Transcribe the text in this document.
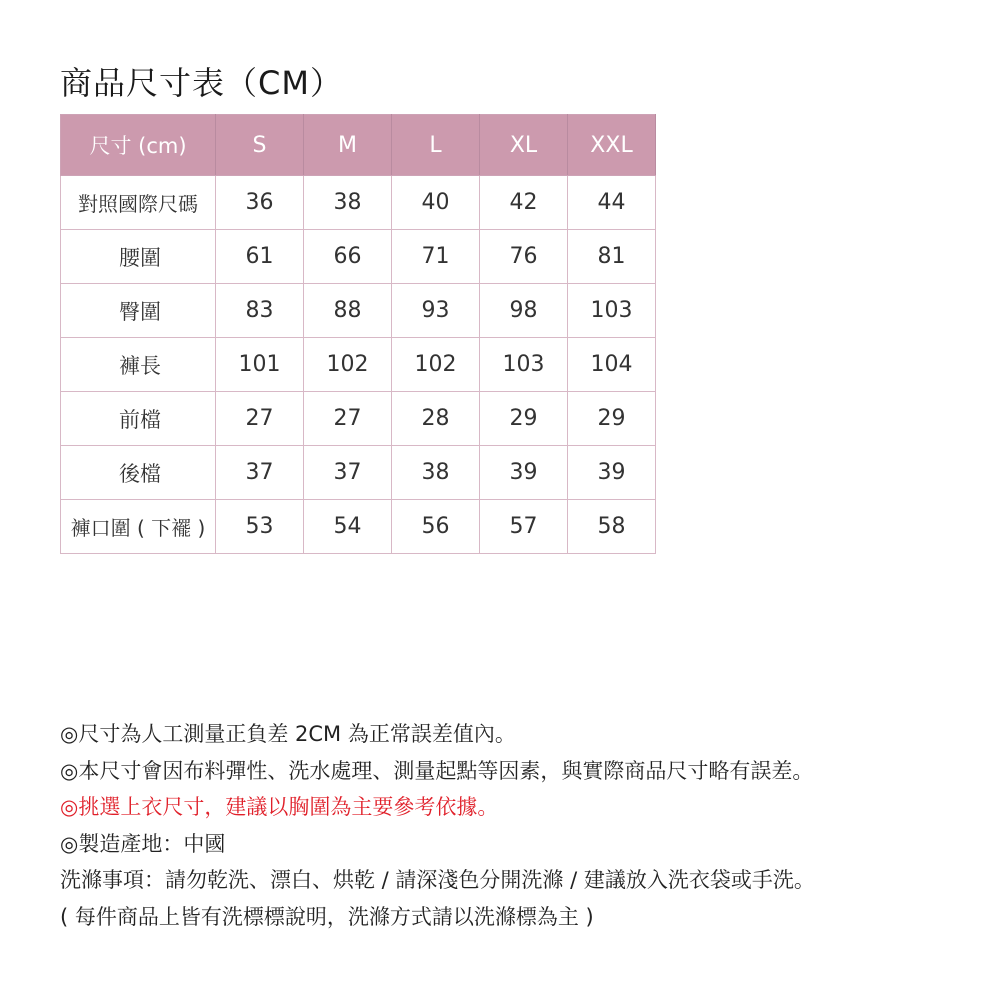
商品尺寸表（CM）
尺寸 (cm)	S	M	L	XL	XXL
對照國際尺碼	36	38	40	42	44
腰圍	61	66	71	76	81
臀圍	83	88	93	98	103
褲長	101	102	102	103	104
前檔	27	27	28	29	29
後檔	37	37	38	39	39
褲口圍 ( 下襬 )	53	54	56	57	58
◎尺寸為人工測量正負差 2CM 為正常誤差值內。
◎本尺寸會因布料彈性、洗水處理、測量起點等因素，與實際商品尺寸略有誤差。
◎挑選上衣尺寸，建議以胸圍為主要參考依據。
◎製造產地：中國
洗滌事項：請勿乾洗、漂白、烘乾 / 請深淺色分開洗滌 / 建議放入洗衣袋或手洗。
( 每件商品上皆有洗標標說明，洗滌方式請以洗滌標為主 )
